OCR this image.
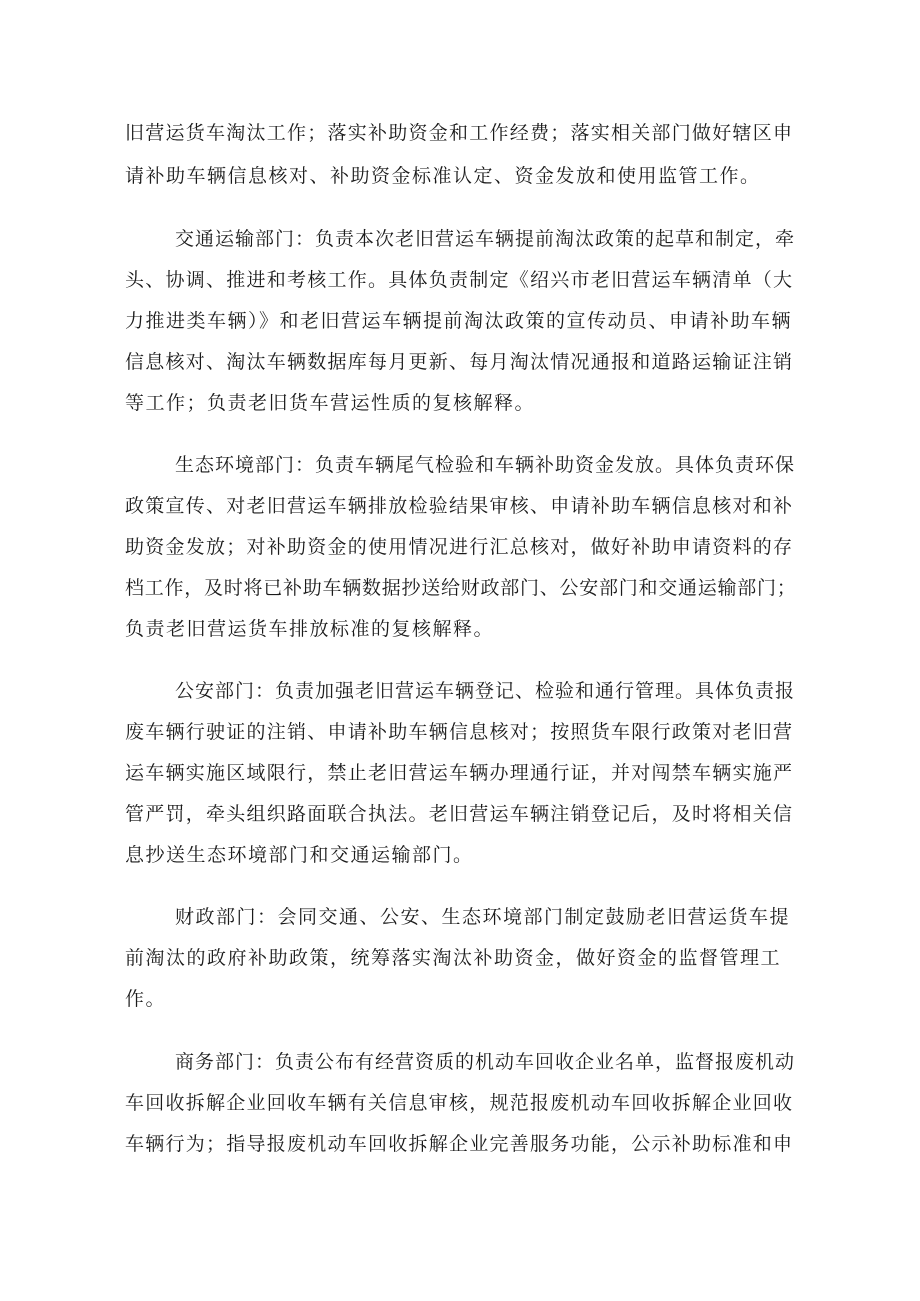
旧营运货车淘汰工作；落实补助资金和工作经费；落实相关部门做好辖区申
请补助车辆信息核对、补助资金标准认定、资金发放和使用监管工作。
交通运输部门：负责本次老旧营运车辆提前淘汰政策的起草和制定，牵
头、协调、推进和考核工作。具体负责制定《绍兴市老旧营运车辆清单（大
力推进类车辆）》和老旧营运车辆提前淘汰政策的宣传动员、申请补助车辆
信息核对、淘汰车辆数据库每月更新、每月淘汰情况通报和道路运输证注销
等工作；负责老旧货车营运性质的复核解释。
生态环境部门：负责车辆尾气检验和车辆补助资金发放。具体负责环保
政策宣传、对老旧营运车辆排放检验结果审核、申请补助车辆信息核对和补
助资金发放；对补助资金的使用情况进行汇总核对，做好补助申请资料的存
档工作，及时将已补助车辆数据抄送给财政部门、公安部门和交通运输部门；
负责老旧营运货车排放标准的复核解释。
公安部门：负责加强老旧营运车辆登记、检验和通行管理。具体负责报
废车辆行驶证的注销、申请补助车辆信息核对；按照货车限行政策对老旧营
运车辆实施区域限行，禁止老旧营运车辆办理通行证，并对闯禁车辆实施严
管严罚，牵头组织路面联合执法。老旧营运车辆注销登记后，及时将相关信
息抄送生态环境部门和交通运输部门。
财政部门：会同交通、公安、生态环境部门制定鼓励老旧营运货车提
前淘汰的政府补助政策，统筹落实淘汰补助资金，做好资金的监督管理工
作。
商务部门：负责公布有经营资质的机动车回收企业名单，监督报废机动
车回收拆解企业回收车辆有关信息审核，规范报废机动车回收拆解企业回收
车辆行为；指导报废机动车回收拆解企业完善服务功能，公示补助标准和申
